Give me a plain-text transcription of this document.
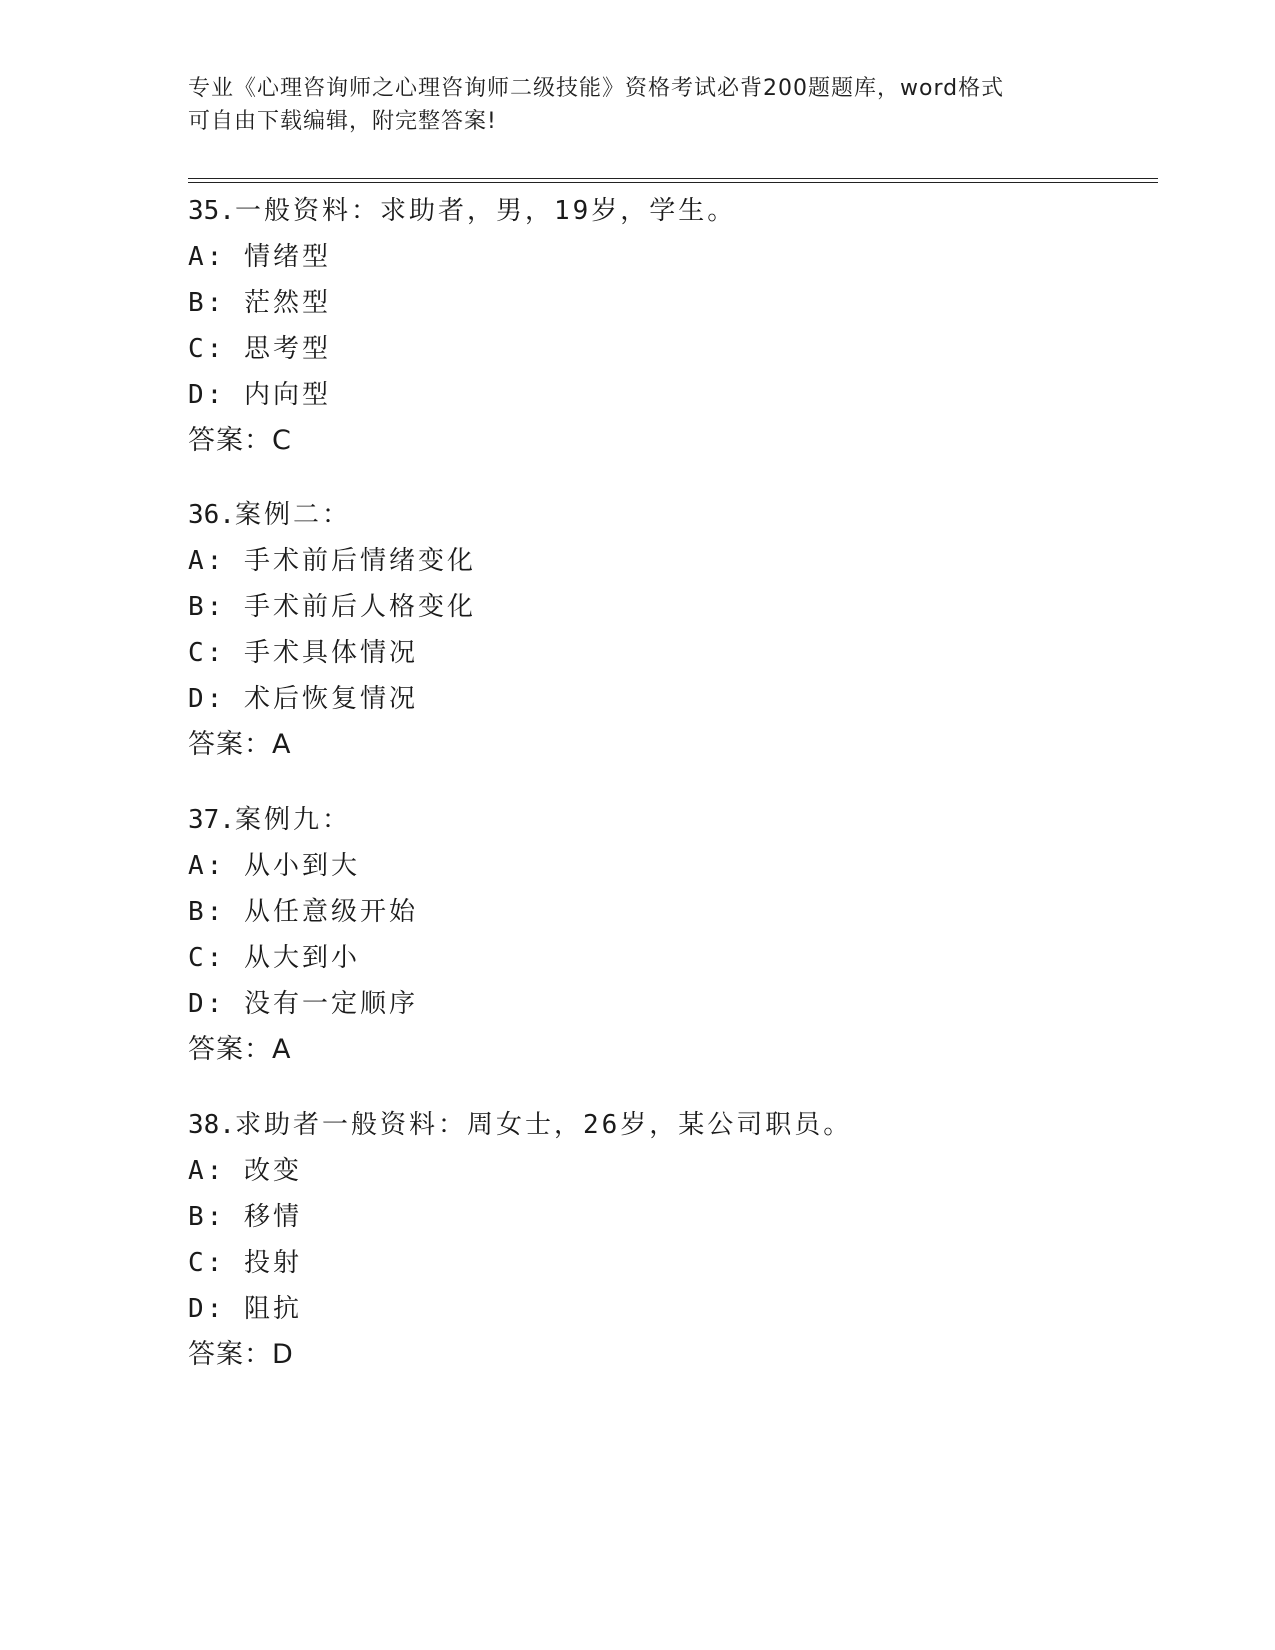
专业《心理咨询师之心理咨询师二级技能》资格考试必背200题题库，word格式
可自由下载编辑，附完整答案!
35.一般资料：求助者，男，19岁，学生。
A: 情绪型
B: 茫然型
C: 思考型
D: 内向型
答案：C
36.案例二：
A: 手术前后情绪变化
B: 手术前后人格变化
C: 手术具体情况
D: 术后恢复情况
答案：A
37.案例九：
A: 从小到大
B: 从任意级开始
C: 从大到小
D: 没有一定顺序
答案：A
38.求助者一般资料：周女士，26岁，某公司职员。
A: 改变
B: 移情
C: 投射
D: 阻抗
答案：D
